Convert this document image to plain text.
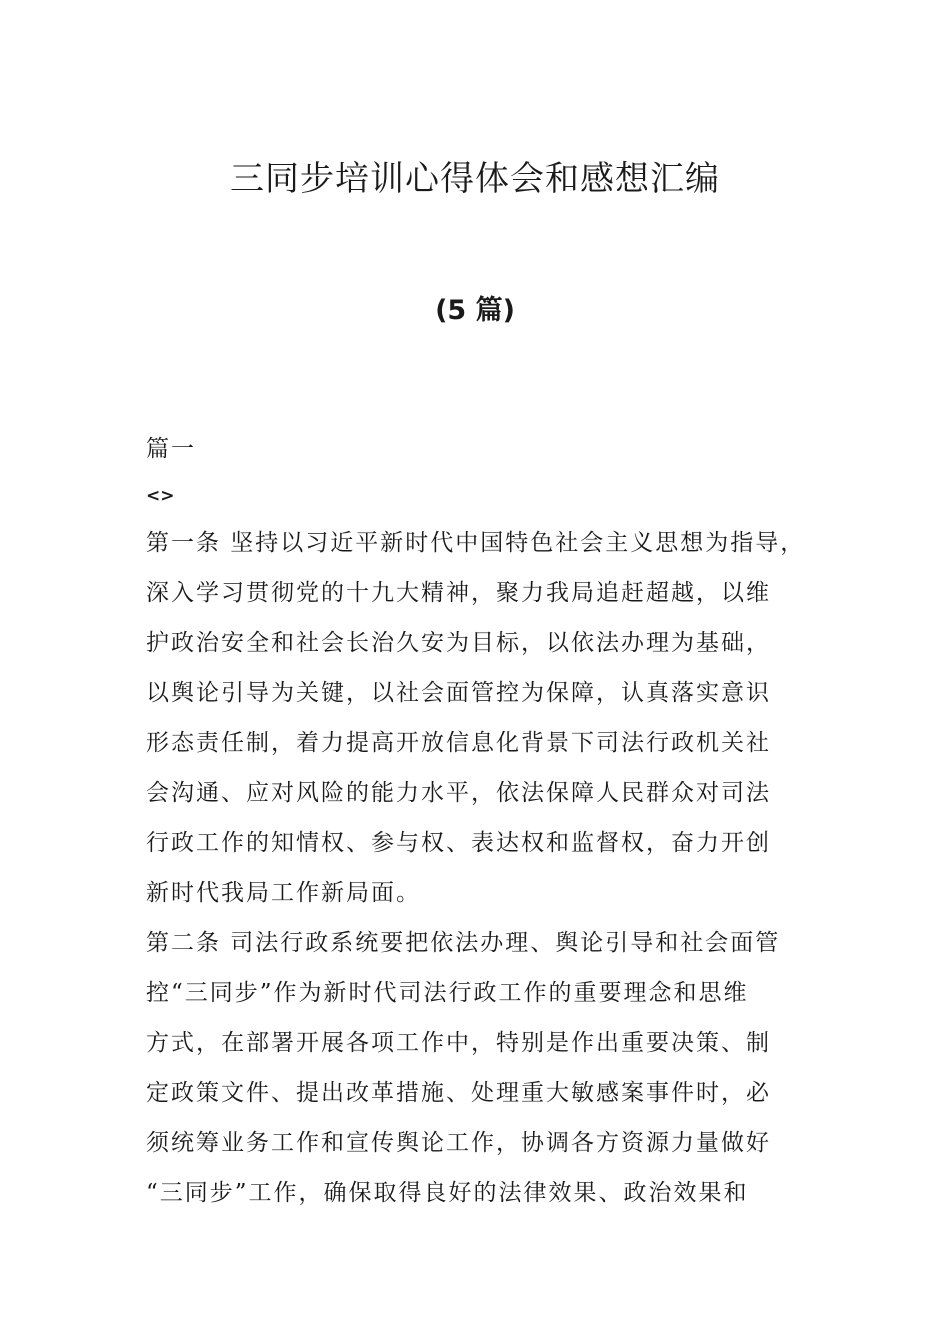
三同步培训心得体会和感想汇编
(5 篇)

篇一

<>

第一条 坚持以习近平新时代中国特色社会主义思想为指导，

深入学习贯彻党的十九大精神，聚力我局追赶超越，以维

护政治安全和社会长治久安为目标，以依法办理为基础，

以舆论引导为关键，以社会面管控为保障，认真落实意识

形态责任制，着力提高开放信息化背景下司法行政机关社

会沟通、应对风险的能力水平，依法保障人民群众对司法

行政工作的知情权、参与权、表达权和监督权，奋力开创

新时代我局工作新局面。

第二条 司法行政系统要把依法办理、舆论引导和社会面管

控“三同步”作为新时代司法行政工作的重要理念和思维

方式，在部署开展各项工作中，特别是作出重要决策、制

定政策文件、提出改革措施、处理重大敏感案事件时，必

须统筹业务工作和宣传舆论工作，协调各方资源力量做好

“三同步”工作，确保取得良好的法律效果、政治效果和
